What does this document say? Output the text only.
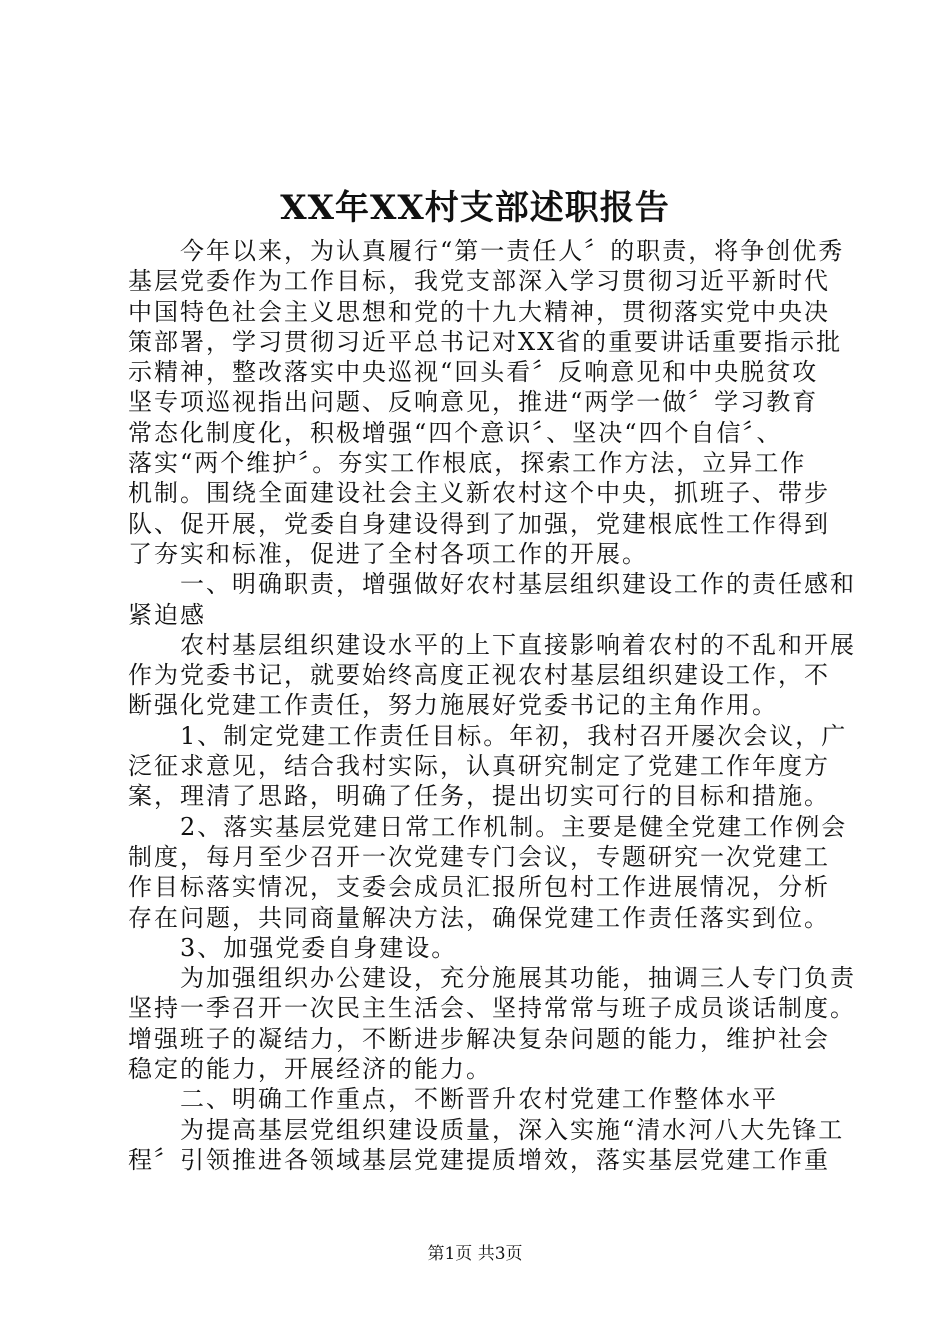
XX年XX村支部述职报告
今年以来，为认真履行“第一责任人〞的职责，将争创优秀
基层党委作为工作目标，我党支部深入学习贯彻习近平新时代
中国特色社会主义思想和党的十九大精神，贯彻落实党中央决
策部署，学习贯彻习近平总书记对XX省的重要讲话重要指示批
示精神，整改落实中央巡视“回头看〞反响意见和中央脱贫攻
坚专项巡视指出问题、反响意见，推进“两学一做〞学习教育
常态化制度化，积极增强“四个意识〞、坚决“四个自信〞、
落实“两个维护〞。夯实工作根底，探索工作方法，立异工作
机制。围绕全面建设社会主义新农村这个中央，抓班子、带步
队、促开展，党委自身建设得到了加强，党建根底性工作得到
了夯实和标准，促进了全村各项工作的开展。
一、明确职责，增强做好农村基层组织建设工作的责任感和
紧迫感
农村基层组织建设水平的上下直接影响着农村的不乱和开展
作为党委书记，就要始终高度正视农村基层组织建设工作，不
断强化党建工作责任，努力施展好党委书记的主角作用。
1、制定党建工作责任目标。年初，我村召开屡次会议，广
泛征求意见，结合我村实际，认真研究制定了党建工作年度方
案，理清了思路，明确了任务，提出切实可行的目标和措施。
2、落实基层党建日常工作机制。主要是健全党建工作例会
制度，每月至少召开一次党建专门会议，专题研究一次党建工
作目标落实情况，支委会成员汇报所包村工作进展情况，分析
存在问题，共同商量解决方法，确保党建工作责任落实到位。
3、加强党委自身建设。
为加强组织办公建设，充分施展其功能，抽调三人专门负责
坚持一季召开一次民主生活会、坚持常常与班子成员谈话制度。
增强班子的凝结力，不断进步解决复杂问题的能力，维护社会
稳定的能力，开展经济的能力。
二、明确工作重点，不断晋升农村党建工作整体水平
为提高基层党组织建设质量，深入实施“清水河八大先锋工
程〞引领推进各领域基层党建提质增效，落实基层党建工作重
第1页 共3页
